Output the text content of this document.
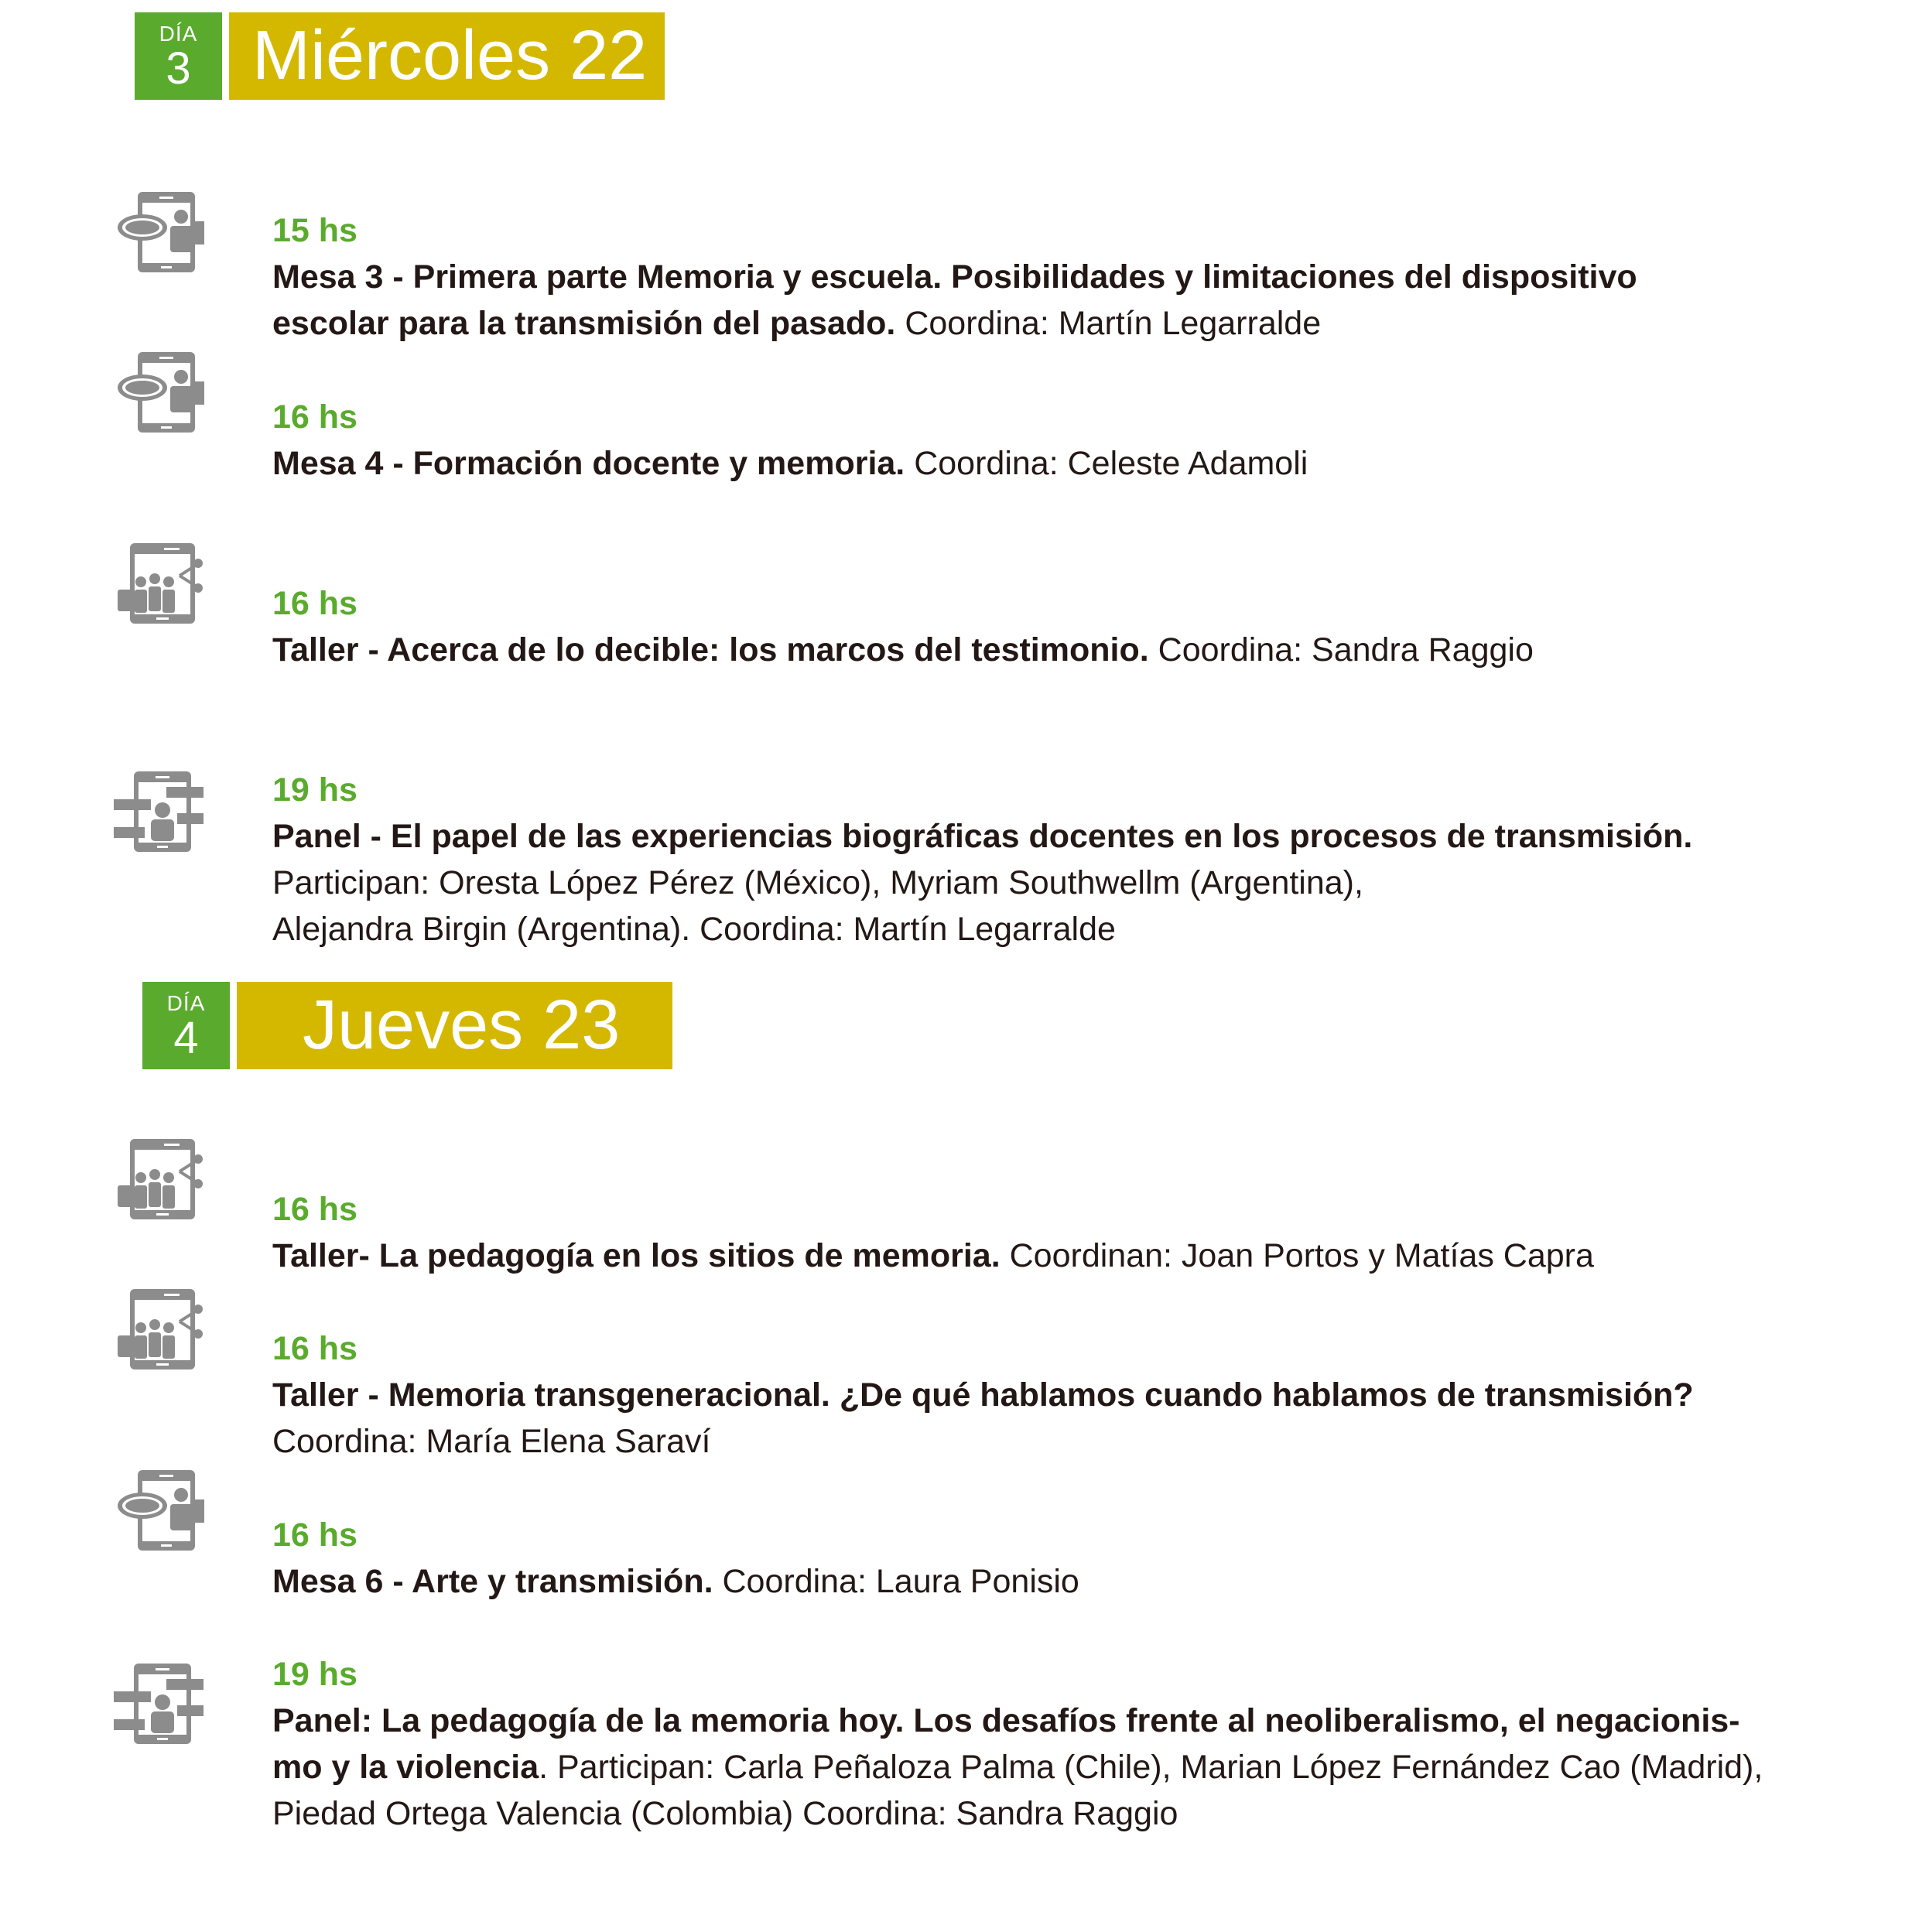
DÍA
3 Miércoles 22
15 hs
Mesa 3 - Primera parte Memoria y escuela. Posibilidades y limitaciones del dispositivo
escolar para la transmisión del pasado. Coordina: Martín Legarralde
16 hs
Mesa 4 - Formación docente y memoria. Coordina: Celeste Adamoli
16 hs
Taller - Acerca de lo decible: los marcos del testimonio. Coordina: Sandra Raggio
19 hs
Panel - El papel de las experiencias biográficas docentes en los procesos de transmisión.
Participan: Oresta López Pérez (México), Myriam Southwellm (Argentina),
Alejandra Birgin (Argentina). Coordina: Martín Legarralde
DÍA
4	Jueves 23
16 hs
Taller- La pedagogía en los sitios de memoria. Coordinan: Joan Portos y Matías Capra
16 hs
Taller - Memoria transgeneracional. ¿De qué hablamos cuando hablamos de transmisión?
Coordina: María Elena Saraví
16 hs
Mesa 6 - Arte y transmisión. Coordina: Laura Ponisio
19 hs
Panel: La pedagogía de la memoria hoy. Los desafíos frente al neoliberalismo, el negacionis-
mo y la violencia. Participan: Carla Peñaloza Palma (Chile), Marian López Fernández Cao (Madrid),
Piedad Ortega Valencia (Colombia) Coordina: Sandra Raggio
